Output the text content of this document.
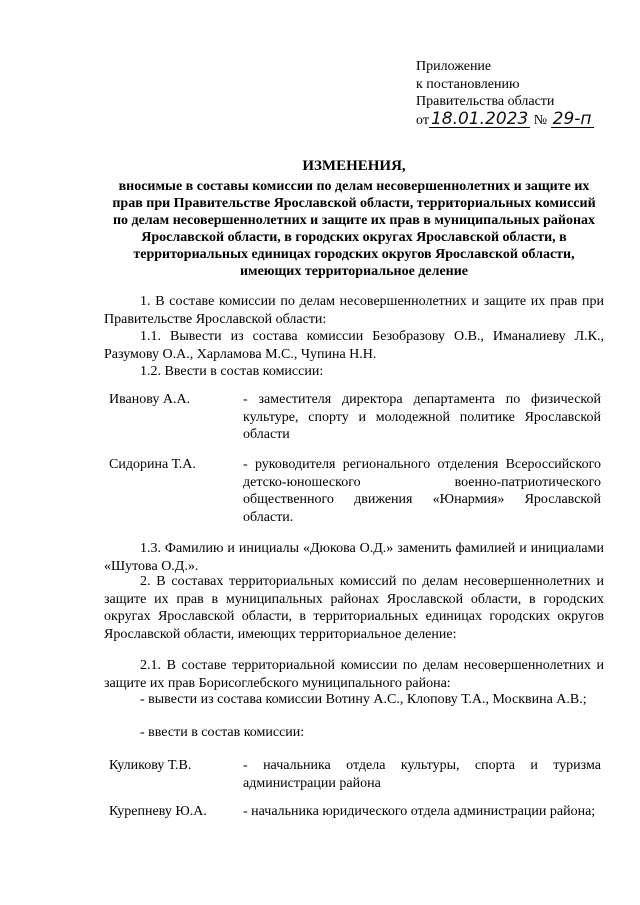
Приложение
к постановлению
Правительства области
от 18.01.2023 № 29-п
ИЗМЕНЕНИЯ,
вносимые в составы комиссии по делам несовершеннолетних и защите их прав при Правительстве Ярославской области, территориальных комиссий по делам несовершеннолетних и защите их прав в муниципальных районах Ярославской области, в городских округах Ярославской области, в территориальных единицах городских округов Ярославской области, имеющих территориальное деление
1. В составе комиссии по делам несовершеннолетних и защите их прав при Правительстве Ярославской области:
1.1. Вывести из состава комиссии Безобразову О.В., Иманалиеву Л.К., Разумову О.А., Харламова М.С., Чупина Н.Н.
1.2. Ввести в состав комиссии:
Иванову А.А.	- заместителя директора департамента по физической культуре, спорту и молодежной политике Ярославской области
Сидорина Т.А.	- руководителя регионального отделения Всероссийского детско-юношеского военно-патриотического общественного движения «Юнармия» Ярославской области.
1.3. Фамилию и инициалы «Дюкова О.Д.» заменить фамилией и инициалами «Шутова О.Д.».
2. В составах территориальных комиссий по делам несовершеннолетних и защите их прав в муниципальных районах Ярославской области, в городских округах Ярославской области, в территориальных единицах городских округов Ярославской области, имеющих территориальное деление:
2.1. В составе территориальной комиссии по делам несовершеннолетних и защите их прав Борисоглебского муниципального района:
- вывести из состава комиссии Вотину А.С., Клопову Т.А., Москвина А.В.;
- ввести в состав комиссии:
Куликову Т.В.	- начальника отдела культуры, спорта и туризма администрации района
Курепневу Ю.А.	- начальника юридического отдела администрации района;
